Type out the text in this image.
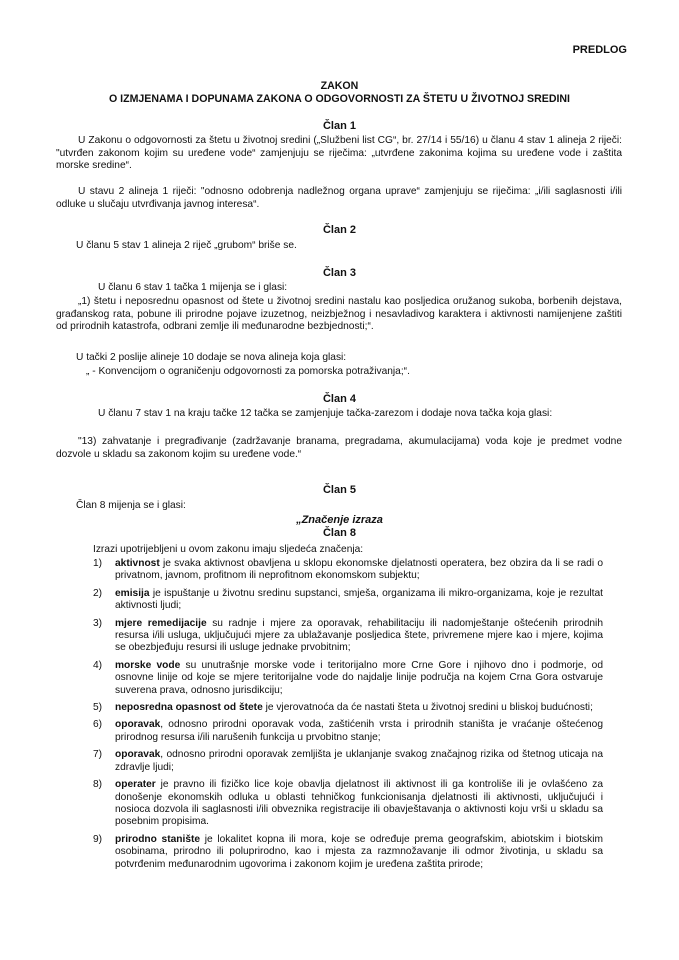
PREDLOG
ZAKON
O IZMJENAMA I DOPUNAMA ZAKONA O ODGOVORNOSTI ZA ŠTETU U ŽIVOTNOJ SREDINI
Član 1
U Zakonu o odgovornosti za štetu u životnoj sredini („Službeni list CG“, br. 27/14 i 55/16) u članu 4 stav 1 alineja 2 riječi: "utvrđen zakonom kojim su uređene vode“ zamjenjuju se riječima: „utvrđene zakonima kojima su uređene vode i zaštita morske sredine“.
U stavu 2 alineja 1 riječi: "odnosno odobrenja nadležnog organa uprave“ zamjenjuju se riječima: „i/ili saglasnosti i/ili odluke u slučaju utvrđivanja javnog interesa“.
Član 2
U članu 5 stav 1 alineja 2 riječ „grubom“ briše se.
Član 3
U članu 6 stav 1 tačka 1 mijenja se i glasi:
„1) štetu i neposrednu opasnost od štete u životnoj sredini nastalu kao posljedica oružanog sukoba, borbenih dejstava, građanskog rata, pobune ili prirodne pojave izuzetnog, neizbježnog i nesavladivog karaktera i aktivnosti namijenjene zaštiti od prirodnih katastrofa, odbrani zemlje ili međunarodne bezbjednosti;“.
U tački 2 poslije alineje 10 dodaje se nova alineja koja glasi:
„ - Konvencijom o ograničenju odgovornosti za pomorska potraživanja;“.
Član 4
U članu 7 stav 1 na kraju tačke 12 tačka se zamjenjuje tačka-zarezom i dodaje nova tačka koja glasi:
"13) zahvatanje i pregrađivanje (zadržavanje branama, pregradama, akumulacijama) voda koje je predmet vodne dozvole u skladu sa zakonom kojim su uređene vode.“
Član 5
Član 8 mijenja se i glasi:
„Značenje izraza
Član 8
Izrazi upotrijebljeni u ovom zakonu imaju sljedeća značenja:
1)	aktivnost je svaka aktivnost obavljena u sklopu ekonomske djelatnosti operatera, bez obzira da li se radi o privatnom, javnom, profitnom ili neprofitnom ekonomskom subjektu;
2)	emisija je ispuštanje u životnu sredinu supstanci, smješa, organizama ili mikro-organizama, koje je rezultat aktivnosti ljudi;
3)	mjere remedijacije su radnje i mjere za oporavak, rehabilitaciju ili nadomještanje oštećenih prirodnih resursa i/ili usluga, uključujući mjere za ublažavanje posljedica štete, privremene mjere kao i mjere, kojima se obezbjeđuju resursi ili usluge jednake prvobitnim;
4)	morske vode su unutrašnje morske vode i teritorijalno more Crne Gore i njihovo dno i podmorje, od osnovne linije od koje se mjere teritorijalne vode do najdalje linije područja na kojem Crna Gora ostvaruje suverena prava, odnosno jurisdikciju;
5)	neposredna opasnost od štete je vjerovatnoća da će nastati šteta u životnoj sredini u bliskoj budućnosti;
6)	oporavak, odnosno prirodni oporavak voda, zaštićenih vrsta i prirodnih staništa je vraćanje oštećenog prirodnog resursa i/ili narušenih funkcija u prvobitno stanje;
7)	oporavak, odnosno prirodni oporavak zemljišta je uklanjanje svakog značajnog rizika od štetnog uticaja na zdravlje ljudi;
8)	operater je pravno ili fizičko lice koje obavlja djelatnost ili aktivnost ili ga kontroliše ili je ovlašćeno za donošenje ekonomskih odluka u oblasti tehničkog funkcionisanja djelatnosti ili aktivnosti, uključujući i nosioca dozvola ili saglasnosti i/ili obveznika registracije ili obavještavanja o aktivnosti koju vrši u skladu sa posebnim propisima.
9)	prirodno stanište je lokalitet kopna ili mora, koje se određuje prema geografskim, abiotskim i biotskim osobinama, prirodno ili poluprirodno, kao i mjesta za razmnožavanje ili odmor životinja, u skladu sa potvrđenim međunarodnim ugovorima i zakonom kojim je uređena zaštita prirode;
